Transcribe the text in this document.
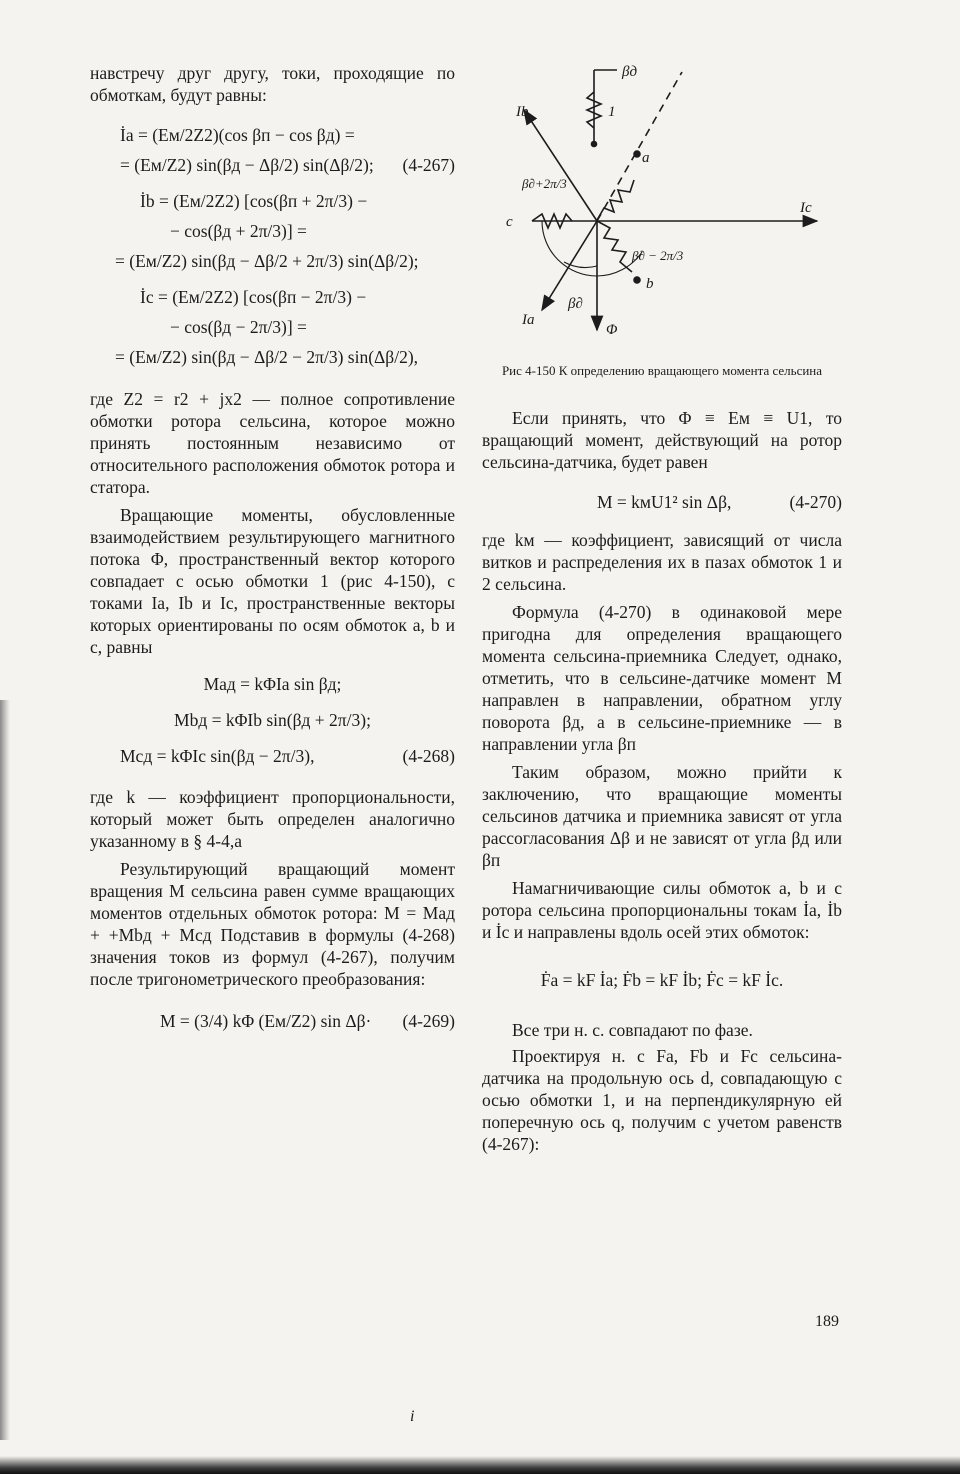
навстречу друг другу, токи, проходящие по обмоткам, будут равны:

İa = (Eм/2Z2)(cos βп − cos βд) =
= (Eм/Z2) sin(βд − Δβ/2) sin(Δβ/2); (4-267)
İb = (Eм/2Z2) [cos(βп + 2π/3) −
− cos(βд + 2π/3)] =
= (Eм/Z2) sin(βд − Δβ/2 + 2π/3) sin(Δβ/2);
İc = (Eм/2Z2) [cos(βп − 2π/3) −
− cos(βд − 2π/3)] =
= (Eм/Z2) sin(βд − Δβ/2 − 2π/3) sin(Δβ/2),

где Z2 = r2 + jx2 — полное сопротивление обмотки ротора сельсина, которое можно принять постоянным независимо от относительного расположения обмоток ротора и статора.

Вращающие моменты, обусловленные взаимодействием результирующего магнитного потока Φ, пространственный вектор которого совпадает с осью обмотки 1 (рис 4-150), с токами Ia, Ib и Ic, пространственные векторы которых ориентированы по осям обмоток a, b и c, равны

Maд = kΦIa sin βд;
Mbд = kΦIb sin(βд + 2π/3);
Mcд = kΦIc sin(βд − 2π/3),	(4-268)

где k — коэффициент пропорциональности, который может быть определен аналогично указанному в § 4-4,a

Результирующий вращающий момент вращения M сельсина равен сумме вращающих моментов отдельных обмоток ротора: M = Maд + +Mbд + Mcд Подставив в формулы (4-268) значения токов из формул (4-267), получим после тригонометрического преобразования:

M = (3/4) kΦ (Eм/Z2) sin Δβ· (4-269)
βд
1
Ib
a
β∂+2π/3
c
Ic
β∂ − 2π/3
b
β∂
Ia
Φ
Рис 4-150 К определению вращающего момента сельсина

Если принять, что Φ ≡ Eм ≡ U1, то вращающий момент, действующий на ротор сельсина-датчика, будет равен

M = kмU1² sin Δβ,	(4-270)

где kм — коэффициент, зависящий от числа витков и распределения их в пазах обмоток 1 и 2 сельсина.

Формула (4-270) в одинаковой мере пригодна для определения вращающего момента сельсина-приемника Следует, однако, отметить, что в сельсине-датчике момент M направлен в направлении, обратном углу поворота βд, а в сельсине-приемнике — в направлении угла βп

Таким образом, можно прийти к заключению, что вращающие моменты сельсинов датчика и приемника зависят от угла рассогласования Δβ и не зависят от угла βд или βп

Намагничивающие силы обмоток a, b и c ротора сельсина пропорциональны токам İa, İb и İc и направлены вдоль осей этих обмоток:

Ḟa = kF İa; Ḟb = kF İb; Ḟc = kF İc.

Все три н. с. совпадают по фазе.

Проектируя н. с Fa, Fb и Fc сельсина-датчика на продольную ось d, совпадающую с осью обмотки 1, и на перпендикулярную ей поперечную ось q, получим с учетом равенств (4-267):

189
i
